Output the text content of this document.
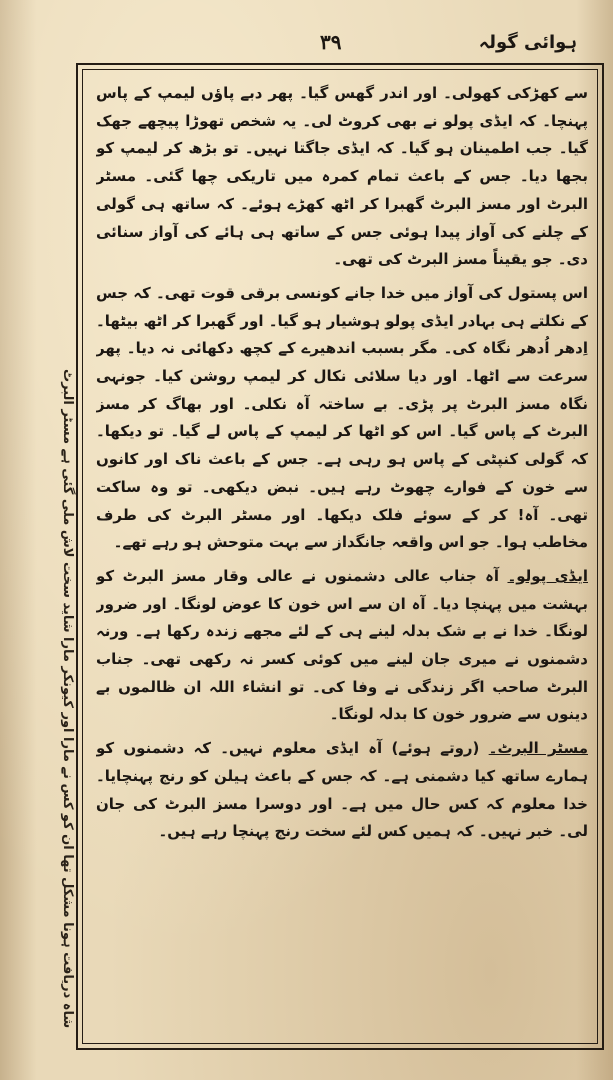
۳۹	ہوائی گولہ

سے کھڑکی کھولی۔ اور اندر گھس گیا۔ پھر دبے پاؤں لیمپ کے پاس پہنچا۔ کہ ایڈی پولو نے بھی کروٹ لی۔ یہ شخص تھوڑا پیچھے جھک گیا۔ جب اطمینان ہو گیا۔ کہ ایڈی جاگتا نہیں۔ تو بڑھ کر لیمپ کو بجھا دیا۔ جس کے باعث تمام کمرہ میں تاریکی چھا گئی۔ مسٹر البرٹ اور مسز البرٹ گھبرا کر اٹھ کھڑے ہوئے۔ کہ ساتھ ہی گولی کے چلنے کی آواز پیدا ہوئی جس کے ساتھ ہی ہائے کی آواز سنائی دی۔ جو یقیناً مسز البرٹ کی تھی۔

اس پستول کی آواز میں خدا جانے کونسی برقی قوت تھی۔ کہ جس کے نکلتے ہی بہادر ایڈی پولو ہوشیار ہو گیا۔ اور گھبرا کر اٹھ بیٹھا۔ اِدھر اُدھر نگاہ کی۔ مگر بسبب اندھیرے کے کچھ دکھائی نہ دیا۔ پھر سرعت سے اٹھا۔ اور دیا سلائی نکال کر لیمپ روشن کیا۔ جونہی نگاہ مسز البرٹ پر پڑی۔ بے ساختہ آہ نکلی۔ اور بھاگ کر مسز البرٹ کے پاس گیا۔ اس کو اٹھا کر لیمپ کے پاس لے گیا۔ تو دیکھا۔ کہ گولی کنپٹی کے پاس ہو رہی ہے۔ جس کے باعث ناک اور کانوں سے خون کے فوارے چھوٹ رہے ہیں۔ نبض دیکھی۔ تو وہ ساکت تھی۔ آہ! کر کے سوئے فلک دیکھا۔ اور مسٹر البرٹ کی طرف مخاطب ہوا۔ جو اس واقعہ جانگداز سے بہت متوحش ہو رہے تھے۔

ایڈی پولو۔ آہ جناب عالی دشمنوں نے عالی وقار مسز البرٹ کو بہشت میں پہنچا دیا۔ آہ ان سے اس خون کا عوض لونگا۔ اور ضرور لونگا۔ خدا نے بے شک بدلہ لینے ہی کے لئے مجھے زندہ رکھا ہے۔ ورنہ دشمنوں نے میری جان لینے میں کوئی کسر نہ رکھی تھی۔ جناب البرٹ صاحب اگر زندگی نے وفا کی۔ تو انشاء اللہ ان ظالموں بے دینوں سے ضرور خون کا بدلہ لونگا۔

مسٹر البرٹ۔ (روتے ہوئے) آہ ایڈی معلوم نہیں۔ کہ دشمنوں کو ہمارے ساتھ کیا دشمنی ہے۔ کہ جس کے باعث ہیلن کو رنج پہنچایا۔ خدا معلوم کہ کس حال میں ہے۔ اور دوسرا مسز البرٹ کی جان لی۔ خبر نہیں۔ کہ ہمیں کس لئے سخت رنج پہنچا رہے ہیں۔

شاہ دریافت ہونا مشکل تھا ان کو کس نے مارا اور کیونکر مارا شاید سخت لاش ملی گئی ہے مسٹر البرٹ
